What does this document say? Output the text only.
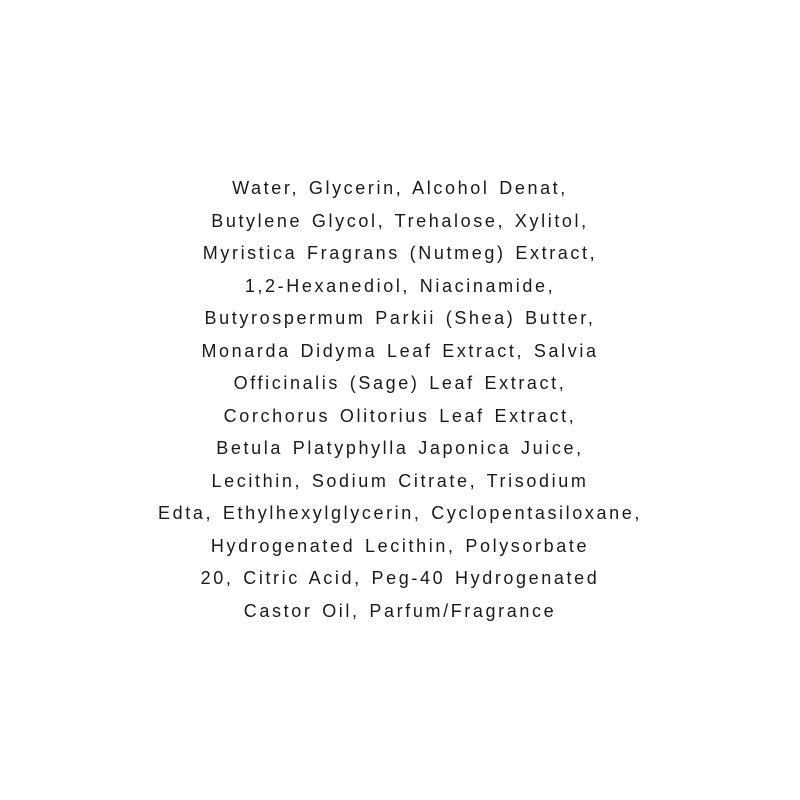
Water, Glycerin, Alcohol Denat,
Butylene Glycol, Trehalose, Xylitol,
Myristica Fragrans (Nutmeg) Extract,
1,2-Hexanediol, Niacinamide,
Butyrospermum Parkii (Shea) Butter,
Monarda Didyma Leaf Extract, Salvia
Officinalis (Sage) Leaf Extract,
Corchorus Olitorius Leaf Extract,
Betula Platyphylla Japonica Juice,
Lecithin, Sodium Citrate, Trisodium
Edta, Ethylhexylglycerin, Cyclopentasiloxane,
Hydrogenated Lecithin, Polysorbate
20, Citric Acid, Peg-40 Hydrogenated
Castor Oil, Parfum/Fragrance
